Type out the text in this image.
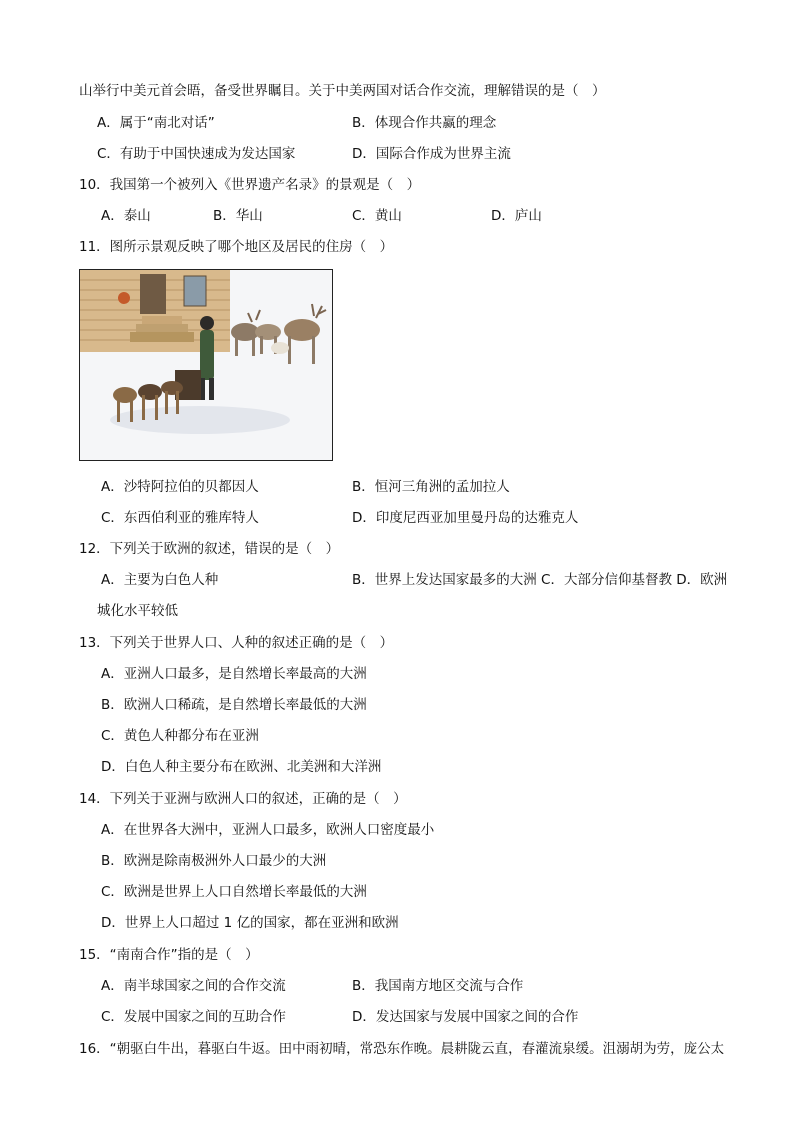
山举行中美元首会晤，备受世界瞩目。关于中美两国对话合作交流，理解错误的是（　）
A．属于“南北对话”	B．体现合作共赢的理念
C．有助于中国快速成为发达国家	D．国际合作成为世界主流
10．我国第一个被列入《世界遗产名录》的景观是（　）
A．泰山	B．华山	C．黄山	D．庐山
11．图所示景观反映了哪个地区及居民的住房（　）
A．沙特阿拉伯的贝都因人	B．恒河三角洲的孟加拉人
C．东西伯利亚的雅库特人	D．印度尼西亚加里曼丹岛的达雅克人
12．下列关于欧洲的叙述，错误的是（　）
A．主要为白色人种	B．世界上发达国家最多的大洲 C．大部分信仰基督教 D．欧洲
城化水平较低
13．下列关于世界人口、人种的叙述正确的是（　）
A．亚洲人口最多，是自然增长率最高的大洲
B．欧洲人口稀疏，是自然增长率最低的大洲
C．黄色人种都分布在亚洲
D．白色人种主要分布在欧洲、北美洲和大洋洲
14．下列关于亚洲与欧洲人口的叙述，正确的是（　）
A．在世界各大洲中，亚洲人口最多，欧洲人口密度最小
B．欧洲是除南极洲外人口最少的大洲
C．欧洲是世界上人口自然增长率最低的大洲
D．世界上人口超过 1 亿的国家，都在亚洲和欧洲
15．“南南合作”指的是（　）
A．南半球国家之间的合作交流	B．我国南方地区交流与合作
C．发展中国家之间的互助合作	D．发达国家与发展中国家之间的合作
16．“朝驱白牛出，暮驱白牛返。田中雨初晴，常恐东作晚。晨耕陇云直，春灌流泉缓。沮溺胡为劳，庞公太
